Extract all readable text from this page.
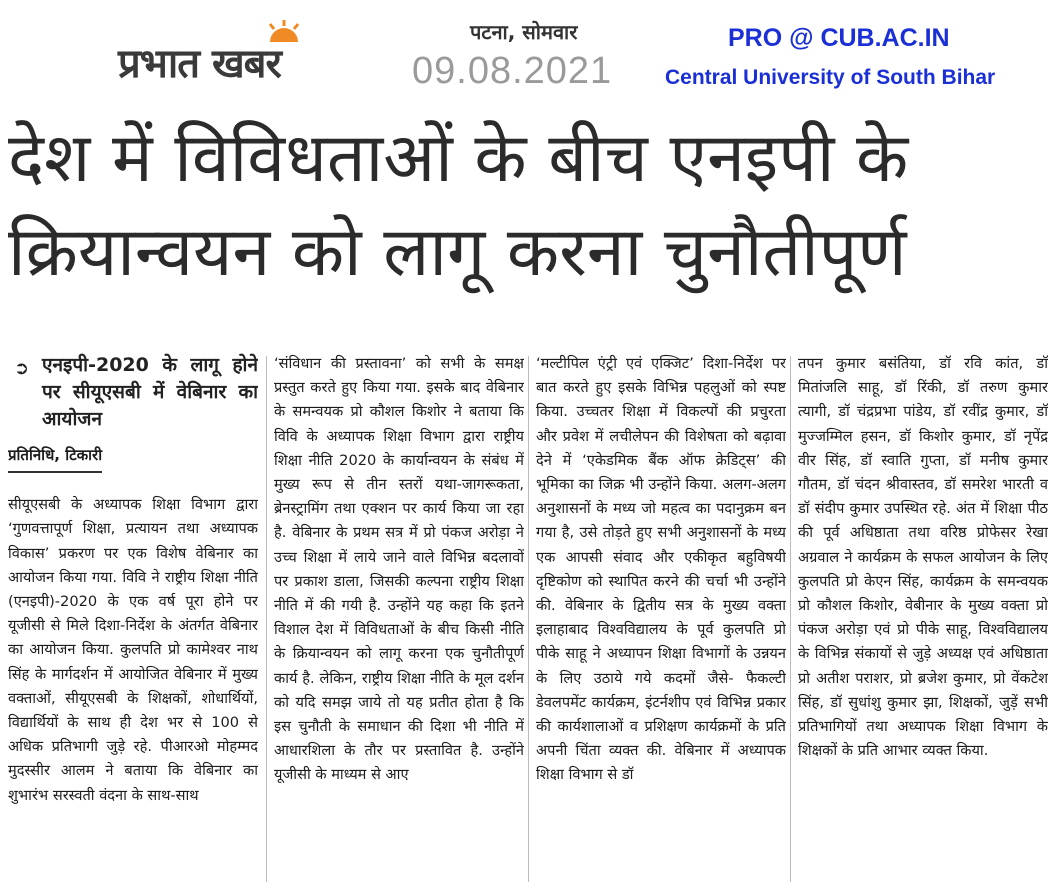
प्रभात खबर
पटना, सोमवार
09.08.2021
PRO @ CUB.AC.IN
Central University of South Bihar
देश में विविधताओं के बीच एनइपी के
क्रियान्वयन को लागू करना चुनौतीपूर्ण
➲ एनइपी-2020 के लागू होने पर सीयूएसबी में वेबिनार का आयोजन
प्रतिनिधि, टिकारी
सीयूएसबी के अध्यापक शिक्षा विभाग द्वारा ‘गुणवत्तापूर्ण शिक्षा, प्रत्यायन तथा अध्यापक विकास’ प्रकरण पर एक विशेष वेबिनार का आयोजन किया गया. विवि ने राष्ट्रीय शिक्षा नीति (एनइपी)-2020 के एक वर्ष पूरा होने पर यूजीसी से मिले दिशा-निर्देश के अंतर्गत वेबिनार का आयोजन किया. कुलपति प्रो कामेश्वर नाथ सिंह के मार्गदर्शन में आयोजित वेबिनार में मुख्य वक्ताओं, सीयूएसबी के शिक्षकों, शोधार्थियों, विद्यार्थियों के साथ ही देश भर से 100 से अधिक प्रतिभागी जुड़े रहे. पीआरओ मोहम्मद मुदस्सीर आलम ने बताया कि वेबिनार का शुभारंभ सरस्वती वंदना के साथ-साथ
‘संविधान की प्रस्तावना’ को सभी के समक्ष प्रस्तुत करते हुए किया गया. इसके बाद वेबिनार के समन्वयक प्रो कौशल किशोर ने बताया कि विवि के अध्यापक शिक्षा विभाग द्वारा राष्ट्रीय शिक्षा नीति 2020 के कार्यान्वयन के संबंध में मुख्य रूप से तीन स्तरों यथा-जागरूकता, ब्रेनस्ट्रामिंग तथा एक्शन पर कार्य किया जा रहा है. वेबिनार के प्रथम सत्र में प्रो पंकज अरोड़ा ने उच्च शिक्षा में लाये जाने वाले विभिन्न बदलावों पर प्रकाश डाला, जिसकी कल्पना राष्ट्रीय शिक्षा नीति में की गयी है. उन्होंने यह कहा कि इतने विशाल देश में विविधताओं के बीच किसी नीति के क्रियान्वयन को लागू करना एक चुनौतीपूर्ण कार्य है. लेकिन, राष्ट्रीय शिक्षा नीति के मूल दर्शन को यदि समझ जाये तो यह प्रतीत होता है कि इस चुनौती के समाधान की दिशा भी नीति में आधारशिला के तौर पर प्रस्तावित है. उन्होंने यूजीसी के माध्यम से आए
‘मल्टीपिल एंट्री एवं एक्जिट’ दिशा-निर्देश पर बात करते हुए इसके विभिन्न पहलुओं को स्पष्ट किया. उच्चतर शिक्षा में विकल्पों की प्रचुरता और प्रवेश में लचीलेपन की विशेषता को बढ़ावा देने में ‘एकेडमिक बैंक ऑफ क्रेडिट्स’ की भूमिका का जिक्र भी उन्होंने किया. अलग-अलग अनुशासनों के मध्य जो महत्व का पदानुक्रम बन गया है, उसे तोड़ते हुए सभी अनुशासनों के मध्य एक आपसी संवाद और एकीकृत बहुविषयी दृष्टिकोण को स्थापित करने की चर्चा भी उन्होंने की. वेबिनार के द्वितीय सत्र के मुख्य वक्ता इलाहाबाद विश्वविद्यालय के पूर्व कुलपति प्रो पीके साहू ने अध्यापन शिक्षा विभागों के उन्नयन के लिए उठाये गये कदमों जैसे- फैकल्टी डेवलपमेंट कार्यक्रम, इंटर्नशीप एवं विभिन्न प्रकार की कार्यशालाओं व प्रशिक्षण कार्यक्रमों के प्रति अपनी चिंता व्यक्त की. वेबिनार में अध्यापक शिक्षा विभाग से डॉ
तपन कुमार बसंतिया, डॉ रवि कांत, डॉ मितांजलि साहू, डॉ रिंकी, डॉ तरुण कुमार त्यागी, डॉ चंद्रप्रभा पांडेय, डॉ रवींद्र कुमार, डॉ मुज्जम्मिल हसन, डॉ किशोर कुमार, डॉ नृपेंद्र वीर सिंह, डॉ स्वाति गुप्ता, डॉ मनीष कुमार गौतम, डॉ चंदन श्रीवास्तव, डॉ समरेश भारती व डॉ संदीप कुमार उपस्थित रहे. अंत में शिक्षा पीठ की पूर्व अधिष्ठाता तथा वरिष्ठ प्रोफेसर रेखा अग्रवाल ने कार्यक्रम के सफल आयोजन के लिए कुलपति प्रो केएन सिंह, कार्यक्रम के समन्वयक प्रो कौशल किशोर, वेबीनार के मुख्य वक्ता प्रो पंकज अरोड़ा एवं प्रो पीके साहू, विश्वविद्यालय के विभिन्न संकायों से जुड़े अध्यक्ष एवं अधिष्ठाता प्रो अतीश पराशर, प्रो ब्रजेश कुमार, प्रो वेंकटेश सिंह, डॉ सुधांशु कुमार झा, शिक्षकों, जुड़ें सभी प्रतिभागियों तथा अध्यापक शिक्षा विभाग के शिक्षकों के प्रति आभार व्यक्त किया.
